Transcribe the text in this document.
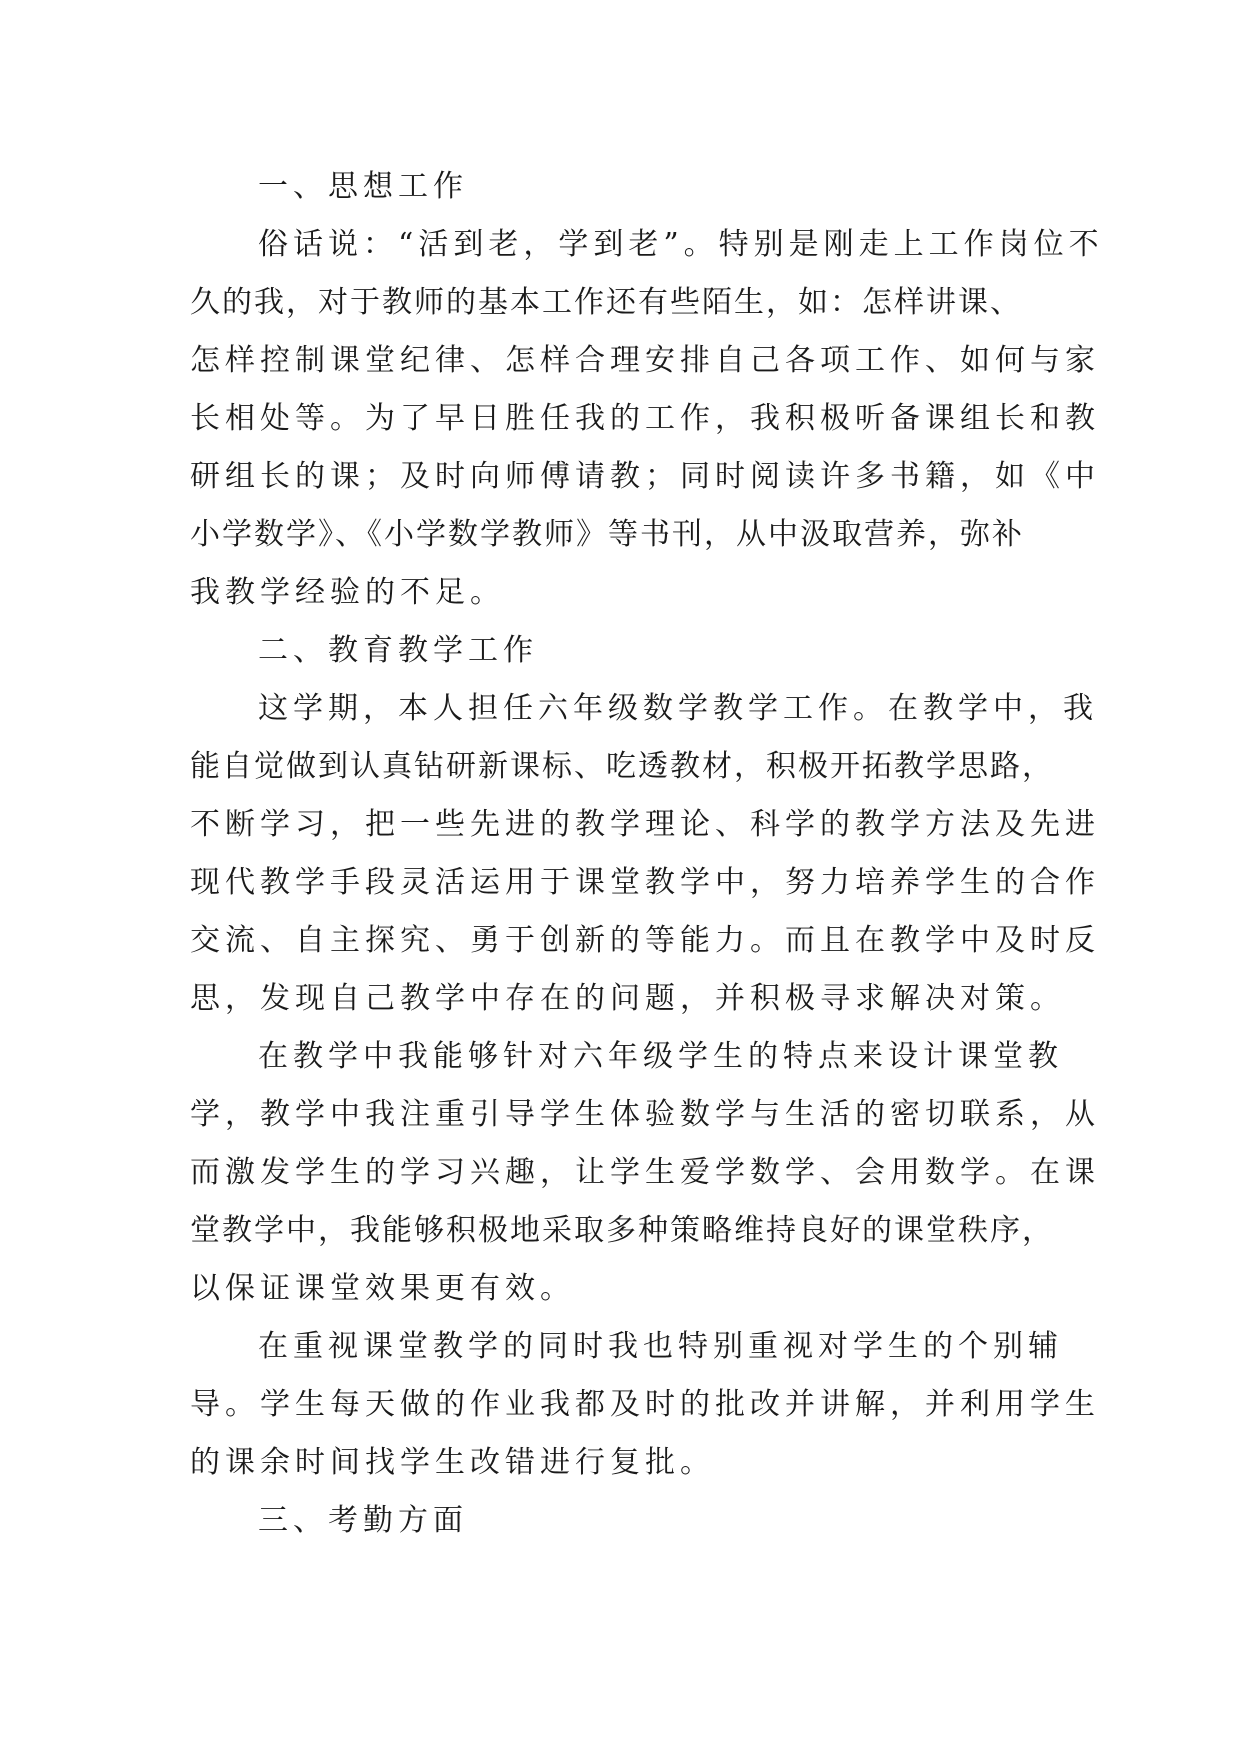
一、思想工作
俗话说：“活到老，学到老”。特别是刚走上工作岗位不
久的我，对于教师的基本工作还有些陌生，如：怎样讲课、
怎样控制课堂纪律、怎样合理安排自己各项工作、如何与家
长相处等。为了早日胜任我的工作，我积极听备课组长和教
研组长的课；及时向师傅请教；同时阅读许多书籍，如《中
小学数学》、《小学数学教师》等书刊，从中汲取营养，弥补
我教学经验的不足。
二、教育教学工作
这学期，本人担任六年级数学教学工作。在教学中，我
能自觉做到认真钻研新课标、吃透教材，积极开拓教学思路，
不断学习，把一些先进的教学理论、科学的教学方法及先进
现代教学手段灵活运用于课堂教学中，努力培养学生的合作
交流、自主探究、勇于创新的等能力。而且在教学中及时反
思，发现自己教学中存在的问题，并积极寻求解决对策。
在教学中我能够针对六年级学生的特点来设计课堂教
学，教学中我注重引导学生体验数学与生活的密切联系，从
而激发学生的学习兴趣，让学生爱学数学、会用数学。在课
堂教学中，我能够积极地采取多种策略维持良好的课堂秩序，
以保证课堂效果更有效。
在重视课堂教学的同时我也特别重视对学生的个别辅
导。学生每天做的作业我都及时的批改并讲解，并利用学生
的课余时间找学生改错进行复批。
三、考勤方面
